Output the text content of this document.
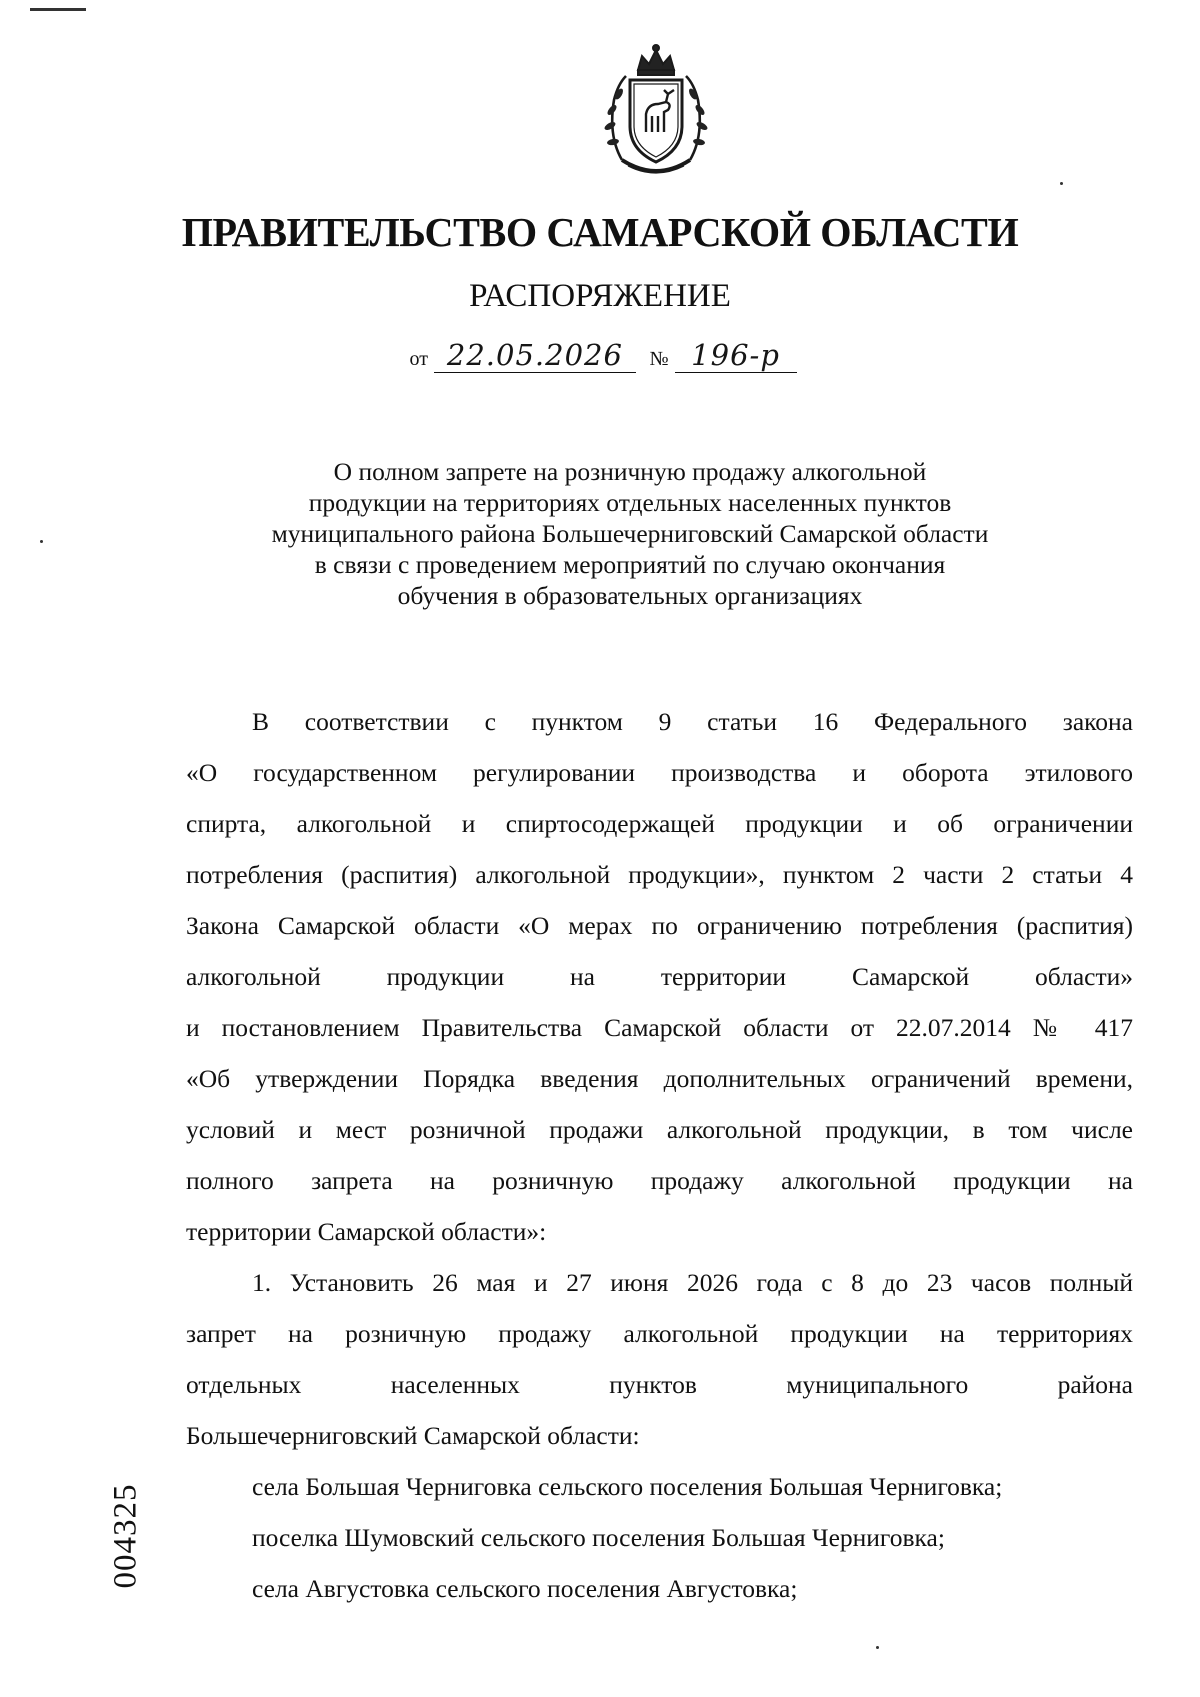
ПРАВИТЕЛЬСТВО САМАРСКОЙ ОБЛАСТИ
РАСПОРЯЖЕНИЕ
от 22.05.2026 № 196-р
О полном запрете на розничную продажу алкогольной
продукции на территориях отдельных населенных пунктов
муниципального района Большечерниговский Самарской области
в связи с проведением мероприятий по случаю окончания
обучения в образовательных организациях
В соответствии с пунктом 9 статьи 16 Федерального закона
«О государственном регулировании производства и оборота этилового
спирта, алкогольной и спиртосодержащей продукции и об ограничении
потребления (распития) алкогольной продукции», пунктом 2 части 2 статьи 4
Закона Самарской области «О мерах по ограничению потребления (распития)
алкогольной продукции на территории Самарской области»
и постановлением Правительства Самарской области от 22.07.2014 № 417
«Об утверждении Порядка введения дополнительных ограничений времени,
условий и мест розничной продажи алкогольной продукции, в том числе
полного запрета на розничную продажу алкогольной продукции на
территории Самарской области»:
1. Установить 26 мая и 27 июня 2026 года с 8 до 23 часов полный
запрет на розничную продажу алкогольной продукции на территориях
отдельных населенных пунктов муниципального района
Большечерниговский Самарской области:
села Большая Черниговка сельского поселения Большая Черниговка;
поселка Шумовский сельского поселения Большая Черниговка;
села Августовка сельского поселения Августовка;
004325
